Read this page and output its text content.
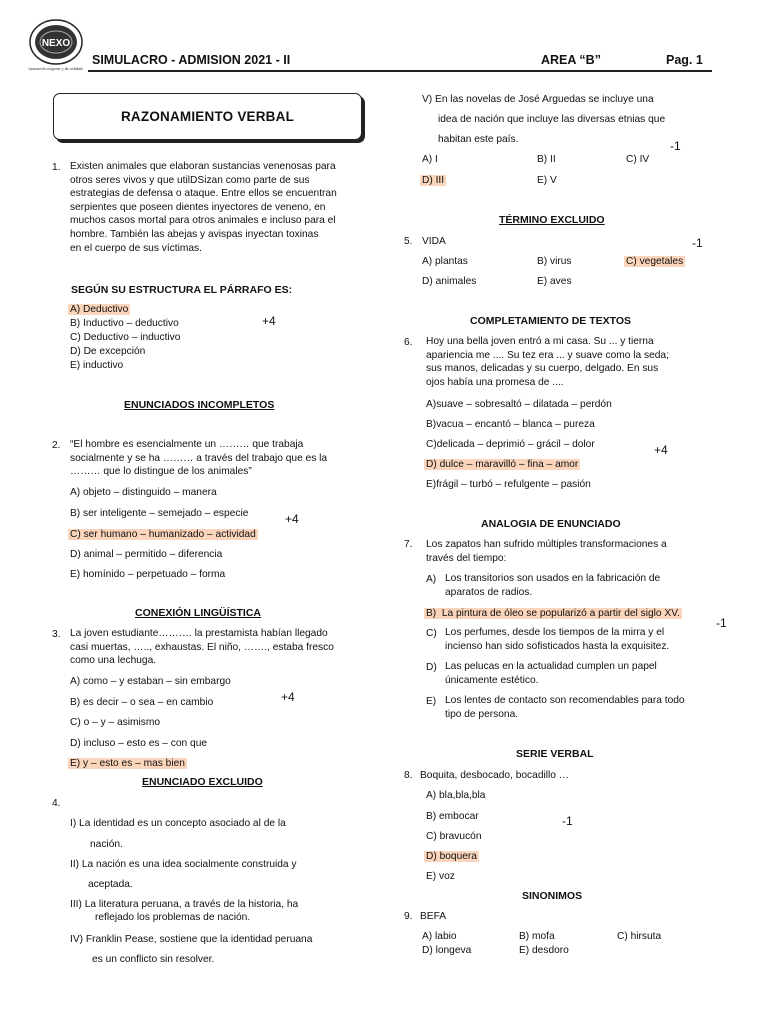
NEXO
preparación exigente y de calidad...!
SIMULACRO - ADMISION 2021 - II	AREA “B”	Pag. 1
RAZONAMIENTO VERBAL
1. Existen animales que elaboran sustancias venenosas para
otros seres vivos y que utilDSizan como parte de sus
estrategias de defensa o ataque. Entre ellos se encuentran
serpientes que poseen dientes inyectores de veneno, en
muchos casos mortal para otros animales e incluso para el
hombre. También las abejas y avispas inyectan toxinas
en el cuerpo de sus víctimas.
SEGÚN SU ESTRUCTURA EL PÁRRAFO ES:
A) Deductivo
B) Inductivo – deductivo
C) Deductivo – inductivo
D) De excepción
E) inductivo
+4
ENUNCIADOS INCOMPLETOS
2. “El hombre es esencialmente un ……… que trabaja
socialmente y se ha ……… a través del trabajo que es la
……… que lo distingue de los animales”
A) objeto – distinguido – manera
B) ser inteligente – semejado – especie
C) ser humano – humanizado – actividad
D) animal – permitido – diferencia
E) homínido – perpetuado – forma
+4
CONEXIÓN LINGÜÍSTICA
3. La joven estudiante………. la prestamista habían llegado
casi muertas, ….., exhaustas. El niño, ……., estaba fresco
como una lechuga.
A) como – y estaban – sin embargo
B) es decir – o sea – en cambio
C) o – y – asimismo
D) incluso – esto es – con que
E) y – esto es – mas bien
+4
ENUNCIADO EXCLUIDO
4.
I) La identidad es un concepto asociado al de la
nación.
II) La nación es una idea socialmente construida y
aceptada.
III) La literatura peruana, a través de la historia, ha
reflejado los problemas de nación.
IV) Franklin Pease, sostiene que la identidad peruana
es un conflicto sin resolver.
V) En las novelas de José Arguedas se incluye una
idea de nación que incluye las diversas etnias que
habitan este país.	-1
A) I	B) II	C) IV
D) III	E) V
TÉRMINO EXCLUIDO
5. VIDA	-1
A) plantas	B) virus	C) vegetales
D) animales	E) aves
COMPLETAMIENTO DE TEXTOS
6. Hoy una bella joven entró a mi casa. Su ... y tierna
apariencia me .... Su tez era ... y suave como la seda;
sus manos, delicadas y su cuerpo, delgado. En sus
ojos había una promesa de ....
A)suave – sobresaltó – dilatada – perdón
B)vacua – encantó – blanca – pureza
C)delicada – deprimió – grácil – dolor
D) dulce – maravilló – fina – amor
E)frágil – turbó – refulgente – pasión
+4
ANALOGIA DE ENUNCIADO
7. Los zapatos han sufrido múltiples transformaciones a
través del tiempo:
A) Los transitorios son usados en la fabricación de
aparatos de radios.
B) La pintura de óleo se popularizó a partir del siglo XV.
-1
C) Los perfumes, desde los tiempos de la mirra y el
incienso han sido sofisticados hasta la exquisitez.
D) Las pelucas en la actualidad cumplen un papel
únicamente estético.
E) Los lentes de contacto son recomendables para todo
tipo de persona.
SERIE VERBAL
8. Boquita, desbocado, bocadillo …
A) bla,bla,bla
B) embocar
C) bravucón
D) boquera
E) voz
-1
SINONIMOS
9. BEFA
A) labio	B) mofa	C) hirsuta
D) longeva	E) desdoro
